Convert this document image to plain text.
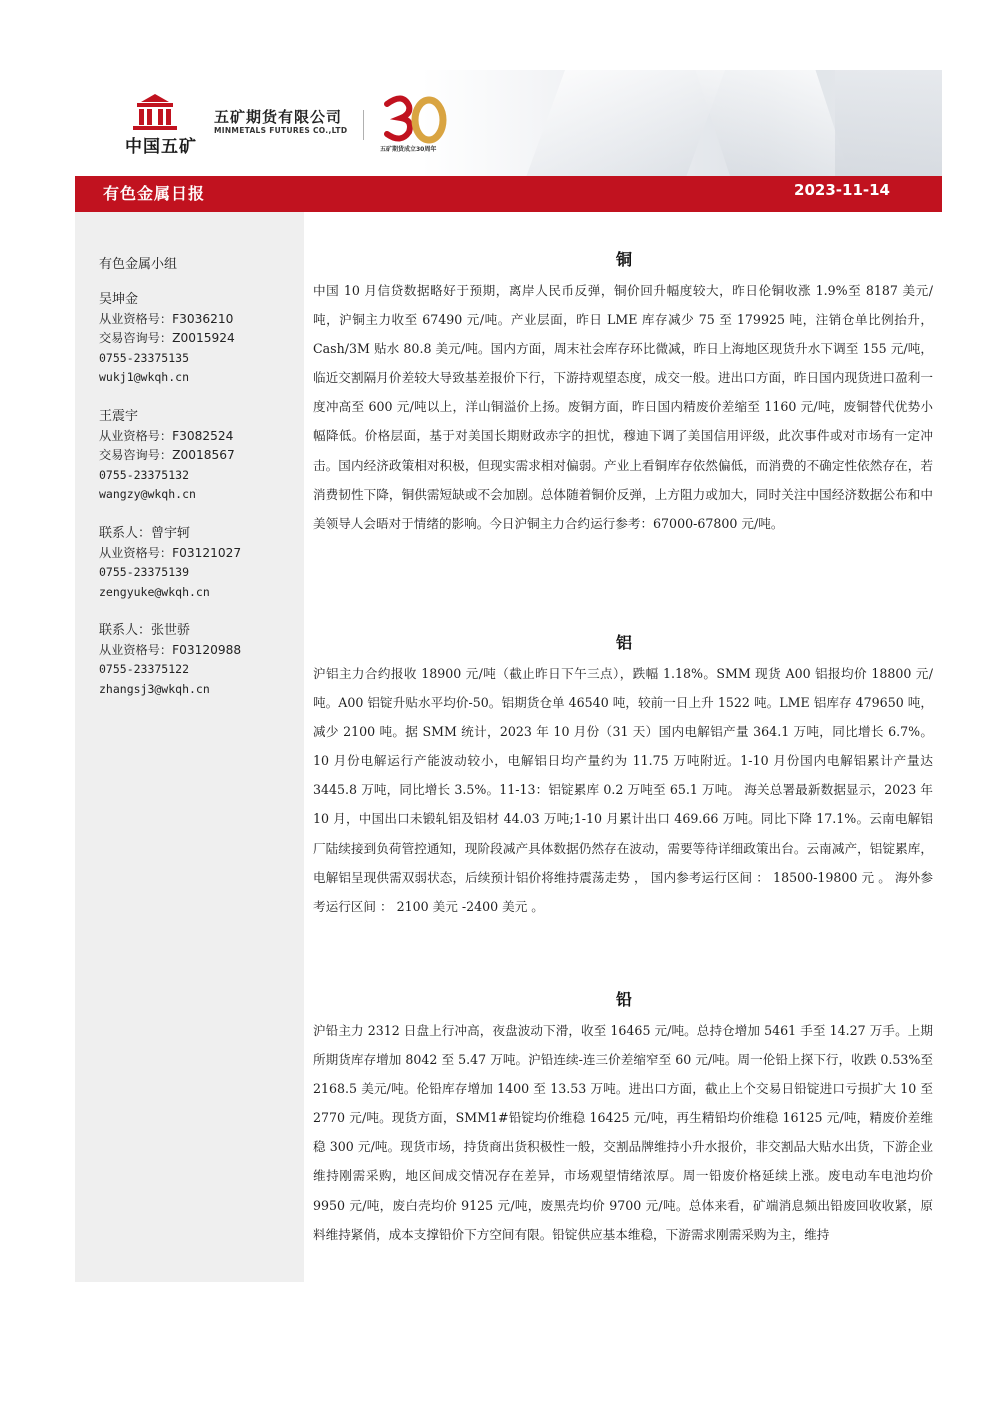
中国五矿
五矿期货有限公司
MINMETALS FUTURES CO.,LTD
五矿期货成立30周年
有色金属日报	2023-11-14
有色金属小组
吴坤金
从业资格号：F3036210
交易咨询号：Z0015924
0755-23375135
wukj1@wkqh.cn
王震宇
从业资格号：F3082524
交易咨询号：Z0018567
0755-23375132
wangzy@wkqh.cn
联系人：曾宇轲
从业资格号：F03121027
0755-23375139
zengyuke@wkqh.cn
联系人：张世骄
从业资格号：F03120988
0755-23375122
zhangsj3@wkqh.cn
铜
中国 10 月信贷数据略好于预期，离岸人民币反弹，铜价回升幅度较大，昨日伦铜收涨 1.9%至 8187 美元/吨，沪铜主力收至 67490 元/吨。产业层面，昨日 LME 库存减少 75 至 179925 吨，注销仓单比例抬升，Cash/3M 贴水 80.8 美元/吨。国内方面，周末社会库存环比微减，昨日上海地区现货升水下调至 155 元/吨，临近交割隔月价差较大导致基差报价下行，下游持观望态度，成交一般。进出口方面，昨日国内现货进口盈利一度冲高至 600 元/吨以上，洋山铜溢价上扬。废铜方面，昨日国内精废价差缩至 1160 元/吨，废铜替代优势小幅降低。价格层面，基于对美国长期财政赤字的担忧，穆迪下调了美国信用评级，此次事件或对市场有一定冲击。国内经济政策相对积极，但现实需求相对偏弱。产业上看铜库存依然偏低，而消费的不确定性依然存在，若消费韧性下降，铜供需短缺或不会加剧。总体随着铜价反弹，上方阻力或加大，同时关注中国经济数据公布和中美领导人会晤对于情绪的影响。今日沪铜主力合约运行参考：67000-67800 元/吨。
铝
沪铝主力合约报收 18900 元/吨（截止昨日下午三点），跌幅 1.18%。SMM 现货 A00 铝报均价 18800 元/吨。A00 铝锭升贴水平均价-50。铝期货仓单 46540 吨，较前一日上升 1522 吨。LME 铝库存 479650 吨，减少 2100 吨。据 SMM 统计，2023 年 10 月份（31 天）国内电解铝产量 364.1 万吨，同比增长 6.7%。10 月份电解运行产能波动较小，电解铝日均产量约为 11.75 万吨附近。1-10 月份国内电解铝累计产量达 3445.8 万吨，同比增长 3.5%。11-13：铝锭累库 0.2 万吨至 65.1 万吨。 海关总署最新数据显示，2023 年 10 月，中国出口未锻轧铝及铝材 44.03 万吨;1-10 月累计出口 469.66 万吨。同比下降 17.1%。云南电解铝厂陆续接到负荷管控通知，现阶段减产具体数据仍然存在波动，需要等待详细政策出台。云南减产，铝锭累库，电解铝呈现供需双弱状态，后续预计铝价将维持震荡走势 ， 国内参考运行区间 ： 18500-19800 元 。 海外参考运行区间 ： 2100 美元 -2400 美元 。
铅
沪铅主力 2312 日盘上行冲高，夜盘波动下滑，收至 16465 元/吨。总持仓增加 5461 手至 14.27 万手。上期所期货库存增加 8042 至 5.47 万吨。沪铅连续-连三价差缩窄至 60 元/吨。周一伦铅上探下行，收跌 0.53%至 2168.5 美元/吨。伦铅库存增加 1400 至 13.53 万吨。进出口方面，截止上个交易日铅锭进口亏损扩大 10 至 2770 元/吨。现货方面，SMM1#铅锭均价维稳 16425 元/吨，再生精铅均价维稳 16125 元/吨，精废价差维稳 300 元/吨。现货市场，持货商出货积极性一般，交割品牌维持小升水报价，非交割品大贴水出货，下游企业维持刚需采购，地区间成交情况存在差异，市场观望情绪浓厚。周一铅废价格延续上涨。废电动车电池均价 9950 元/吨，废白壳均价 9125 元/吨，废黑壳均价 9700 元/吨。总体来看，矿端消息频出铅废回收收紧，原料维持紧俏，成本支撑铅价下方空间有限。铅锭供应基本维稳，下游需求刚需采购为主，维持
